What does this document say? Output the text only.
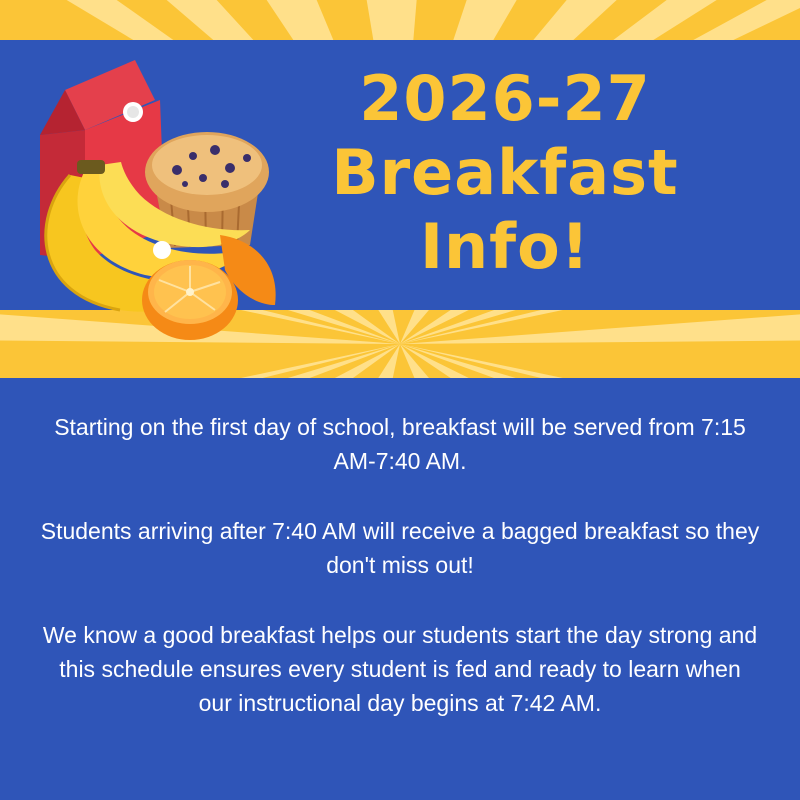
2026-27
Breakfast
Info!

Starting on the first day of school, breakfast will be served from 7:15 AM-7:40 AM.

Students arriving after 7:40 AM will receive a bagged breakfast so they don't miss out!

We know a good breakfast helps our students start the day strong and this schedule ensures every student is fed and ready to learn when our instructional day begins at 7:42 AM.
